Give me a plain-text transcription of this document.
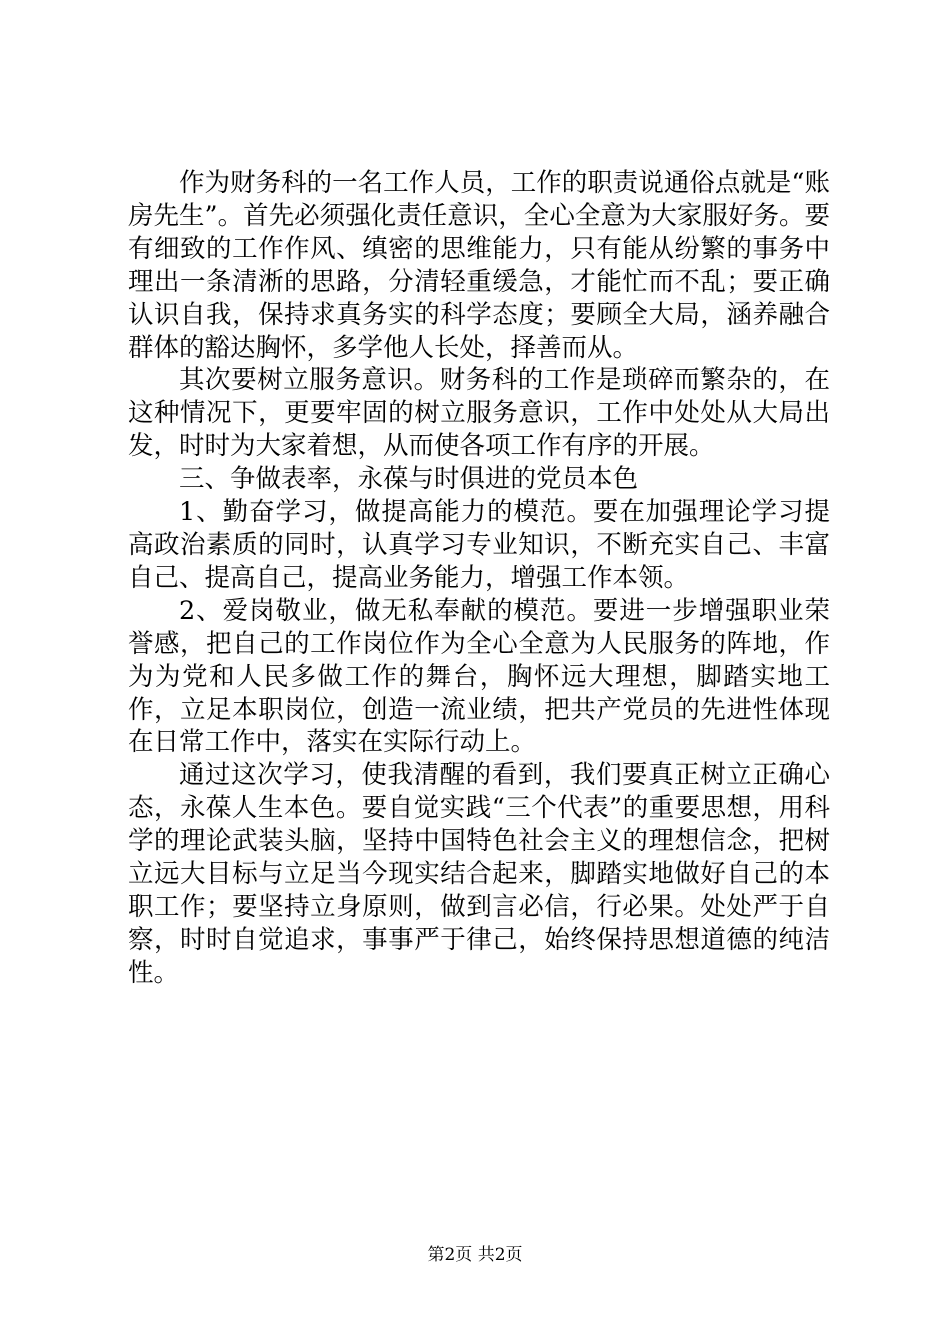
作为财务科的一名工作人员，工作的职责说通俗点就是“账房先生”。首先必须强化责任意识，全心全意为大家服好务。要有细致的工作作风、缜密的思维能力，只有能从纷繁的事务中理出一条清淅的思路，分清轻重缓急，才能忙而不乱；要正确认识自我，保持求真务实的科学态度；要顾全大局，涵养融合群体的豁达胸怀，多学他人长处，择善而从。

其次要树立服务意识。财务科的工作是琐碎而繁杂的，在这种情况下，更要牢固的树立服务意识，工作中处处从大局出发，时时为大家着想，从而使各项工作有序的开展。

三、争做表率，永葆与时俱进的党员本色

1、勤奋学习，做提高能力的模范。要在加强理论学习提高政治素质的同时，认真学习专业知识，不断充实自己、丰富自己、提高自己，提高业务能力，增强工作本领。

2、爱岗敬业，做无私奉献的模范。要进一步增强职业荣誉感，把自己的工作岗位作为全心全意为人民服务的阵地，作为为党和人民多做工作的舞台，胸怀远大理想，脚踏实地工作，立足本职岗位，创造一流业绩，把共产党员的先进性体现在日常工作中，落实在实际行动上。

通过这次学习，使我清醒的看到，我们要真正树立正确心态，永葆人生本色。要自觉实践“三个代表”的重要思想，用科学的理论武装头脑，坚持中国特色社会主义的理想信念，把树立远大目标与立足当今现实结合起来，脚踏实地做好自己的本职工作；要坚持立身原则，做到言必信，行必果。处处严于自察，时时自觉追求，事事严于律己，始终保持思想道德的纯洁性。

第2页 共2页
